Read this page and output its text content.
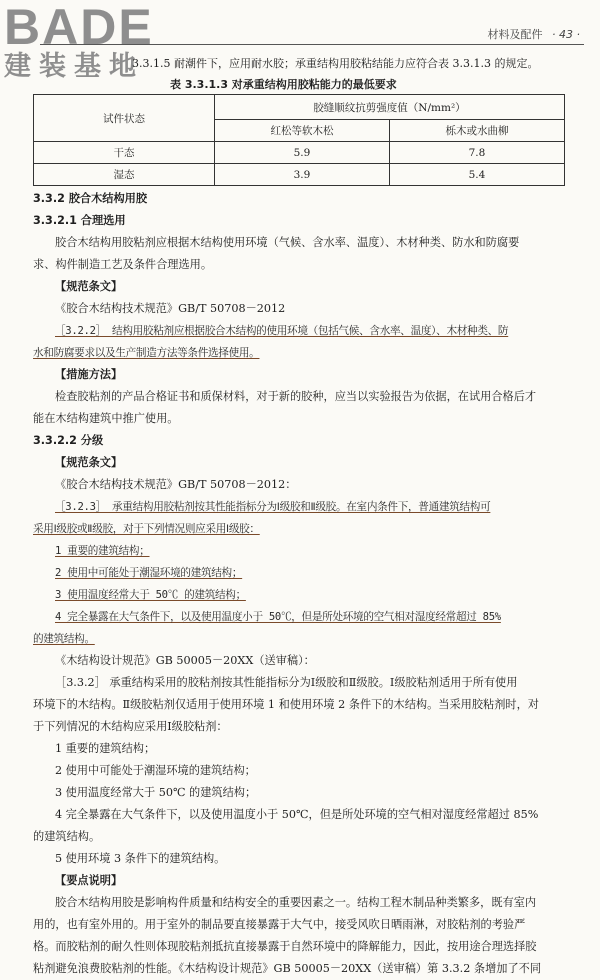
BADE
建装基地
材料及配件 · 43 ·
3.3.1.5 耐潮件下，应用耐水胶；承重结构用胶粘结能力应符合表 3.3.1.3 的规定。
表 3.3.1.3 对承重结构用胶粘能力的最低要求
试件状态	胶缝顺纹抗剪强度值（N/mm²）	
	红松等软木松	栎木或水曲柳
干态	5.9	7.8
湿态	3.9	5.4

3.3.2 胶合木结构用胶

3.3.2.1 合理选用

胶合木结构用胶粘剂应根据木结构使用环境（气候、含水率、温度）、木材种类、防水和防腐要

求、构件制造工艺及条件合理选用。

【规范条文】

《胶合木结构技术规范》GB/T 50708－2012

［3.2.2］ 结构用胶粘剂应根据胶合木结构的使用环境（包括气候、含水率、温度）、木材种类、防

水和防腐要求以及生产制造方法等条件选择使用。

【措施方法】

检查胶粘剂的产品合格证书和质保材料，对于新的胶种，应当以实验报告为依据，在试用合格后才

能在木结构建筑中推广使用。

3.3.2.2 分级

【规范条文】

《胶合木结构技术规范》GB/T 50708－2012：

［3.2.3］ 承重结构用胶粘剂按其性能指标分为Ⅰ级胶和Ⅱ级胶。在室内条件下，普通建筑结构可

采用Ⅰ级胶或Ⅱ级胶，对于下列情况则应采用Ⅰ级胶：

1 重要的建筑结构；

2 使用中可能处于潮湿环境的建筑结构；

3 使用温度经常大于 50℃ 的建筑结构；

4 完全暴露在大气条件下，以及使用温度小于 50℃，但是所处环境的空气相对湿度经常超过 85%

的建筑结构。

《木结构设计规范》GB 50005－20XX（送审稿）：

［3.3.2］ 承重结构采用的胶粘剂按其性能指标分为Ⅰ级胶和Ⅱ级胶。Ⅰ级胶粘剂适用于所有使用

环境下的木结构。Ⅱ级胶粘剂仅适用于使用环境 1 和使用环境 2 条件下的木结构。当采用胶粘剂时，对

于下列情况的木结构应采用Ⅰ级胶粘剂：

1 重要的建筑结构；

2 使用中可能处于潮湿环境的建筑结构；

3 使用温度经常大于 50℃ 的建筑结构；

4 完全暴露在大气条件下，以及使用温度小于 50℃，但是所处环境的空气相对湿度经常超过 85%

的建筑结构。

5 使用环境 3 条件下的建筑结构。

【要点说明】

胶合木结构用胶是影响构件质量和结构安全的重要因素之一。结构工程木制品种类繁多，既有室内

用的，也有室外用的。用于室外的制品要直接暴露于大气中，接受风吹日晒雨淋，对胶粘剂的考验严

格。而胶粘剂的耐久性则体现胶粘剂抵抗直接暴露于自然环境中的降解能力，因此，按用途合理选择胶

粘剂避免浪费胶粘剂的性能。《木结构设计规范》GB 50005－20XX（送审稿）第 3.3.2 条增加了不同
